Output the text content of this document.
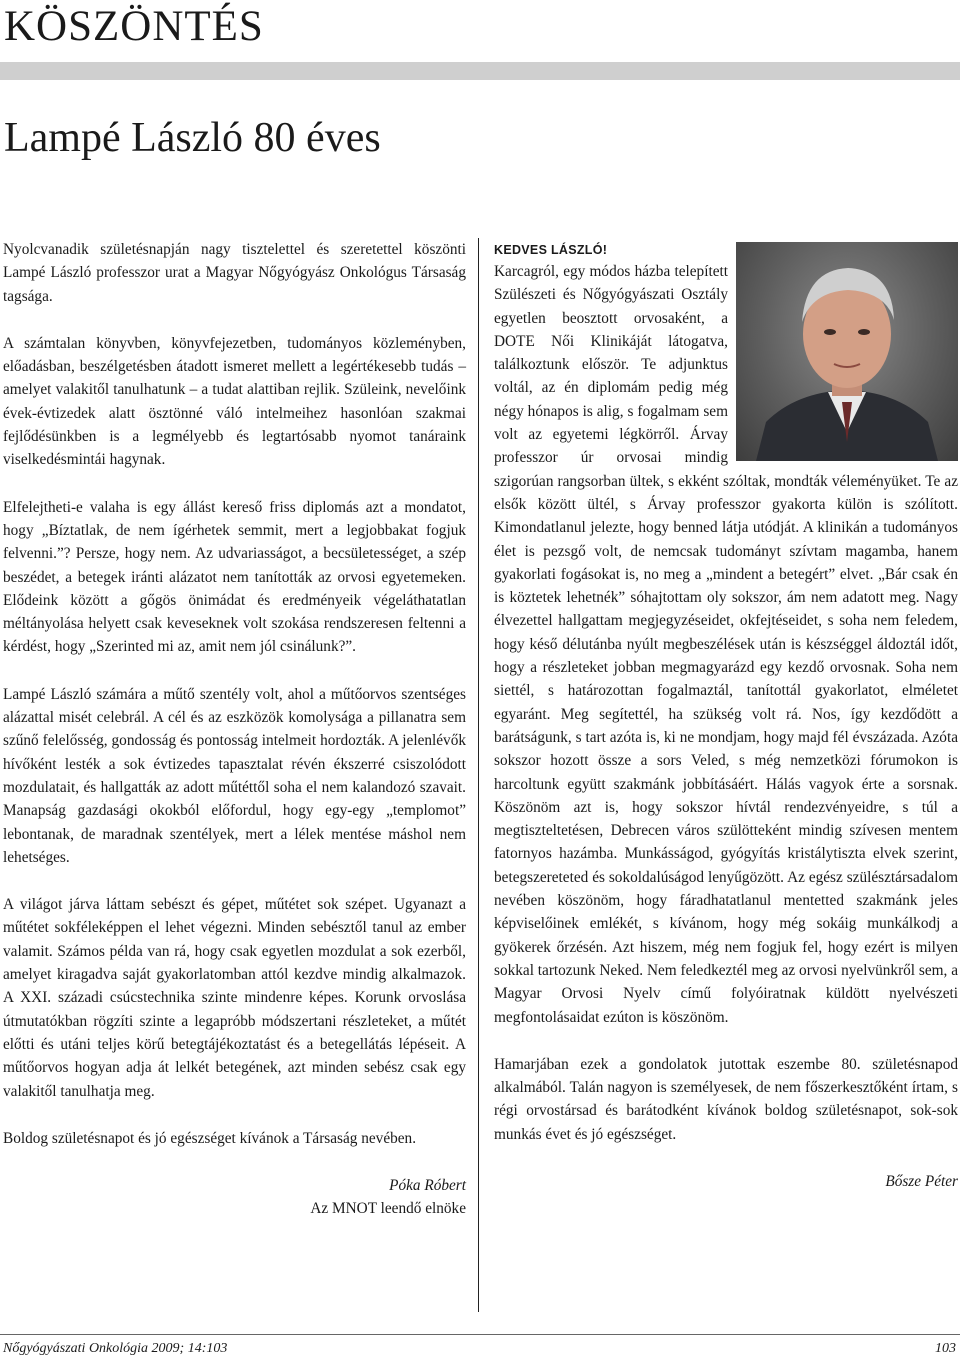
KÖSZÖNTÉS
Lampé László 80 éves

Nyolcvanadik születésnapján nagy tisztelettel és szeretettel köszönti Lampé László professzor urat a Magyar Nőgyógyász Onkológus Társaság tagsága.

A számtalan könyvben, könyvfejezetben, tudományos közleményben, előadásban, beszélgetésben átadott ismeret mellett a legértékesebb tudás – amelyet valakitől tanulhatunk – a tudat alattiban rejlik. Szüleink, nevelőink évek-évtizedek alatt ösztönné váló intelmeihez hasonlóan szakmai fejlődésünkben is a legmélyebb és legtartósabb nyomot tanáraink viselkedésmintái hagynak.

Elfelejtheti-e valaha is egy állást kereső friss diplomás azt a mondatot, hogy „Bíztatlak, de nem ígérhetek semmit, mert a legjobbakat fogjuk felvenni.”? Persze, hogy nem. Az udvariasságot, a becsületességet, a szép beszédet, a betegek iránti alázatot nem tanították az orvosi egyetemeken. Elődeink között a gőgös önimádat és eredményeik végeláthatatlan méltányolása helyett csak keveseknek volt szokása rendszeresen feltenni a kérdést, hogy „Szerinted mi az, amit nem jól csinálunk?”.

Lampé László számára a műtő szentély volt, ahol a műtőorvos szentséges alázattal misét celebrál. A cél és az eszközök komolysága a pillanatra sem szűnő felelősség, gondosság és pontosság intelmeit hordozták. A jelenlévők hívőként lesték a sok évtizedes tapasztalat révén ékszerré csiszolódott mozdulatait, és hallgatták az adott műtéttől soha el nem kalandozó szavait. Manapság gazdasági okokból előfordul, hogy egy-egy „templomot” lebontanak, de maradnak szentélyek, mert a lélek mentése máshol nem lehetséges.

A világot járva láttam sebészt és gépet, műtétet sok szépet. Ugyanazt a műtétet sokféleképpen el lehet végezni. Minden sebésztől tanul az ember valamit. Számos példa van rá, hogy csak egyetlen mozdulat a sok ezerből, amelyet kiragadva saját gyakorlatomban attól kezdve mindig alkalmazok. A XXI. századi csúcstechnika szinte mindenre képes. Korunk orvoslása útmutatókban rögzíti szinte a legapróbb módszertani részleteket, a műtét előtti és utáni teljes körű betegtájékoztatást és a betegellátás lépéseit. A műtőorvos hogyan adja át lelkét betegének, azt minden sebész csak egy valakitől tanulhatja meg.

Boldog születésnapot és jó egészséget kívánok a Társaság nevében.

Póka Róbert
Az MNOT leendő elnöke
KEDVES LÁSZLÓ!

Karcagról, egy módos házba telepített Szülészeti és Nőgyógyászati Osztály egyetlen beosztott orvosaként, a DOTE Női Klinikáját látogatva, találkoztunk először. Te adjunktus voltál, az én diplomám pedig még négy hónapos is alig, s fogalmam sem volt az egyetemi légkörről. Árvay professzor úr orvosai mindig szigorúan rangsorban ültek, s ekként szóltak, mondták véleményüket. Te az elsők között ültél, s Árvay professzor gyakorta külön is szólított. Kimondatlanul jelezte, hogy benned látja utódját. A klinikán a tudományos élet is pezsgő volt, de nemcsak tudományt szívtam magamba, hanem gyakorlati fogásokat is, no meg a „mindent a betegért” elvet. „Bár csak én is köztetek lehetnék” sóhajtottam oly sokszor, ám nem adatott meg. Nagy élvezettel hallgattam megjegyzéseidet, okfejtéseidet, s soha nem feledem, hogy késő délutánba nyúlt megbeszélések után is készséggel áldoztál időt, hogy a részleteket jobban megmagyarázd egy kezdő orvosnak. Soha nem siettél, s határozottan fogalmaztál, tanítottál gyakorlatot, elméletet egyaránt. Meg segítettél, ha szükség volt rá. Nos, így kezdődött a barátságunk, s tart azóta is, ki ne mondjam, hogy majd fél évszázada. Azóta sokszor hozott össze a sors Veled, s még nemzetközi fórumokon is harcoltunk együtt szakmánk jobbításáért. Hálás vagyok érte a sorsnak. Köszönöm azt is, hogy sokszor hívtál rendezvényeidre, s túl a megtiszteltetésen, Debrecen város szülötteként mindig szívesen mentem fatornyos hazámba. Munkásságod, gyógyítás kristálytiszta elvek szerint, betegszereteted és sokoldalúságod lenyűgözött. Az egész szülésztársadalom nevében köszönöm, hogy fáradhatatlanul mentetted szakmánk jeles képviselőinek emlékét, s kívánom, hogy még sokáig munkálkodj a gyökerek őrzésén. Azt hiszem, még nem fogjuk fel, hogy ezért is milyen sokkal tartozunk Neked. Nem feledkeztél meg az orvosi nyelvünkről sem, a Magyar Orvosi Nyelv című folyóiratnak küldött nyelvészeti megfontolásaidat ezúton is köszönöm.

Hamarjában ezek a gondolatok jutottak eszembe 80. születésnapod alkalmából. Talán nagyon is személyesek, de nem főszerkesztőként írtam, s régi orvostársad és barátodként kívánok boldog születésnapot, sok-sok munkás évet és jó egészséget.

Bősze Péter
Nőgyógyászati Onkológia 2009; 14:103	103
